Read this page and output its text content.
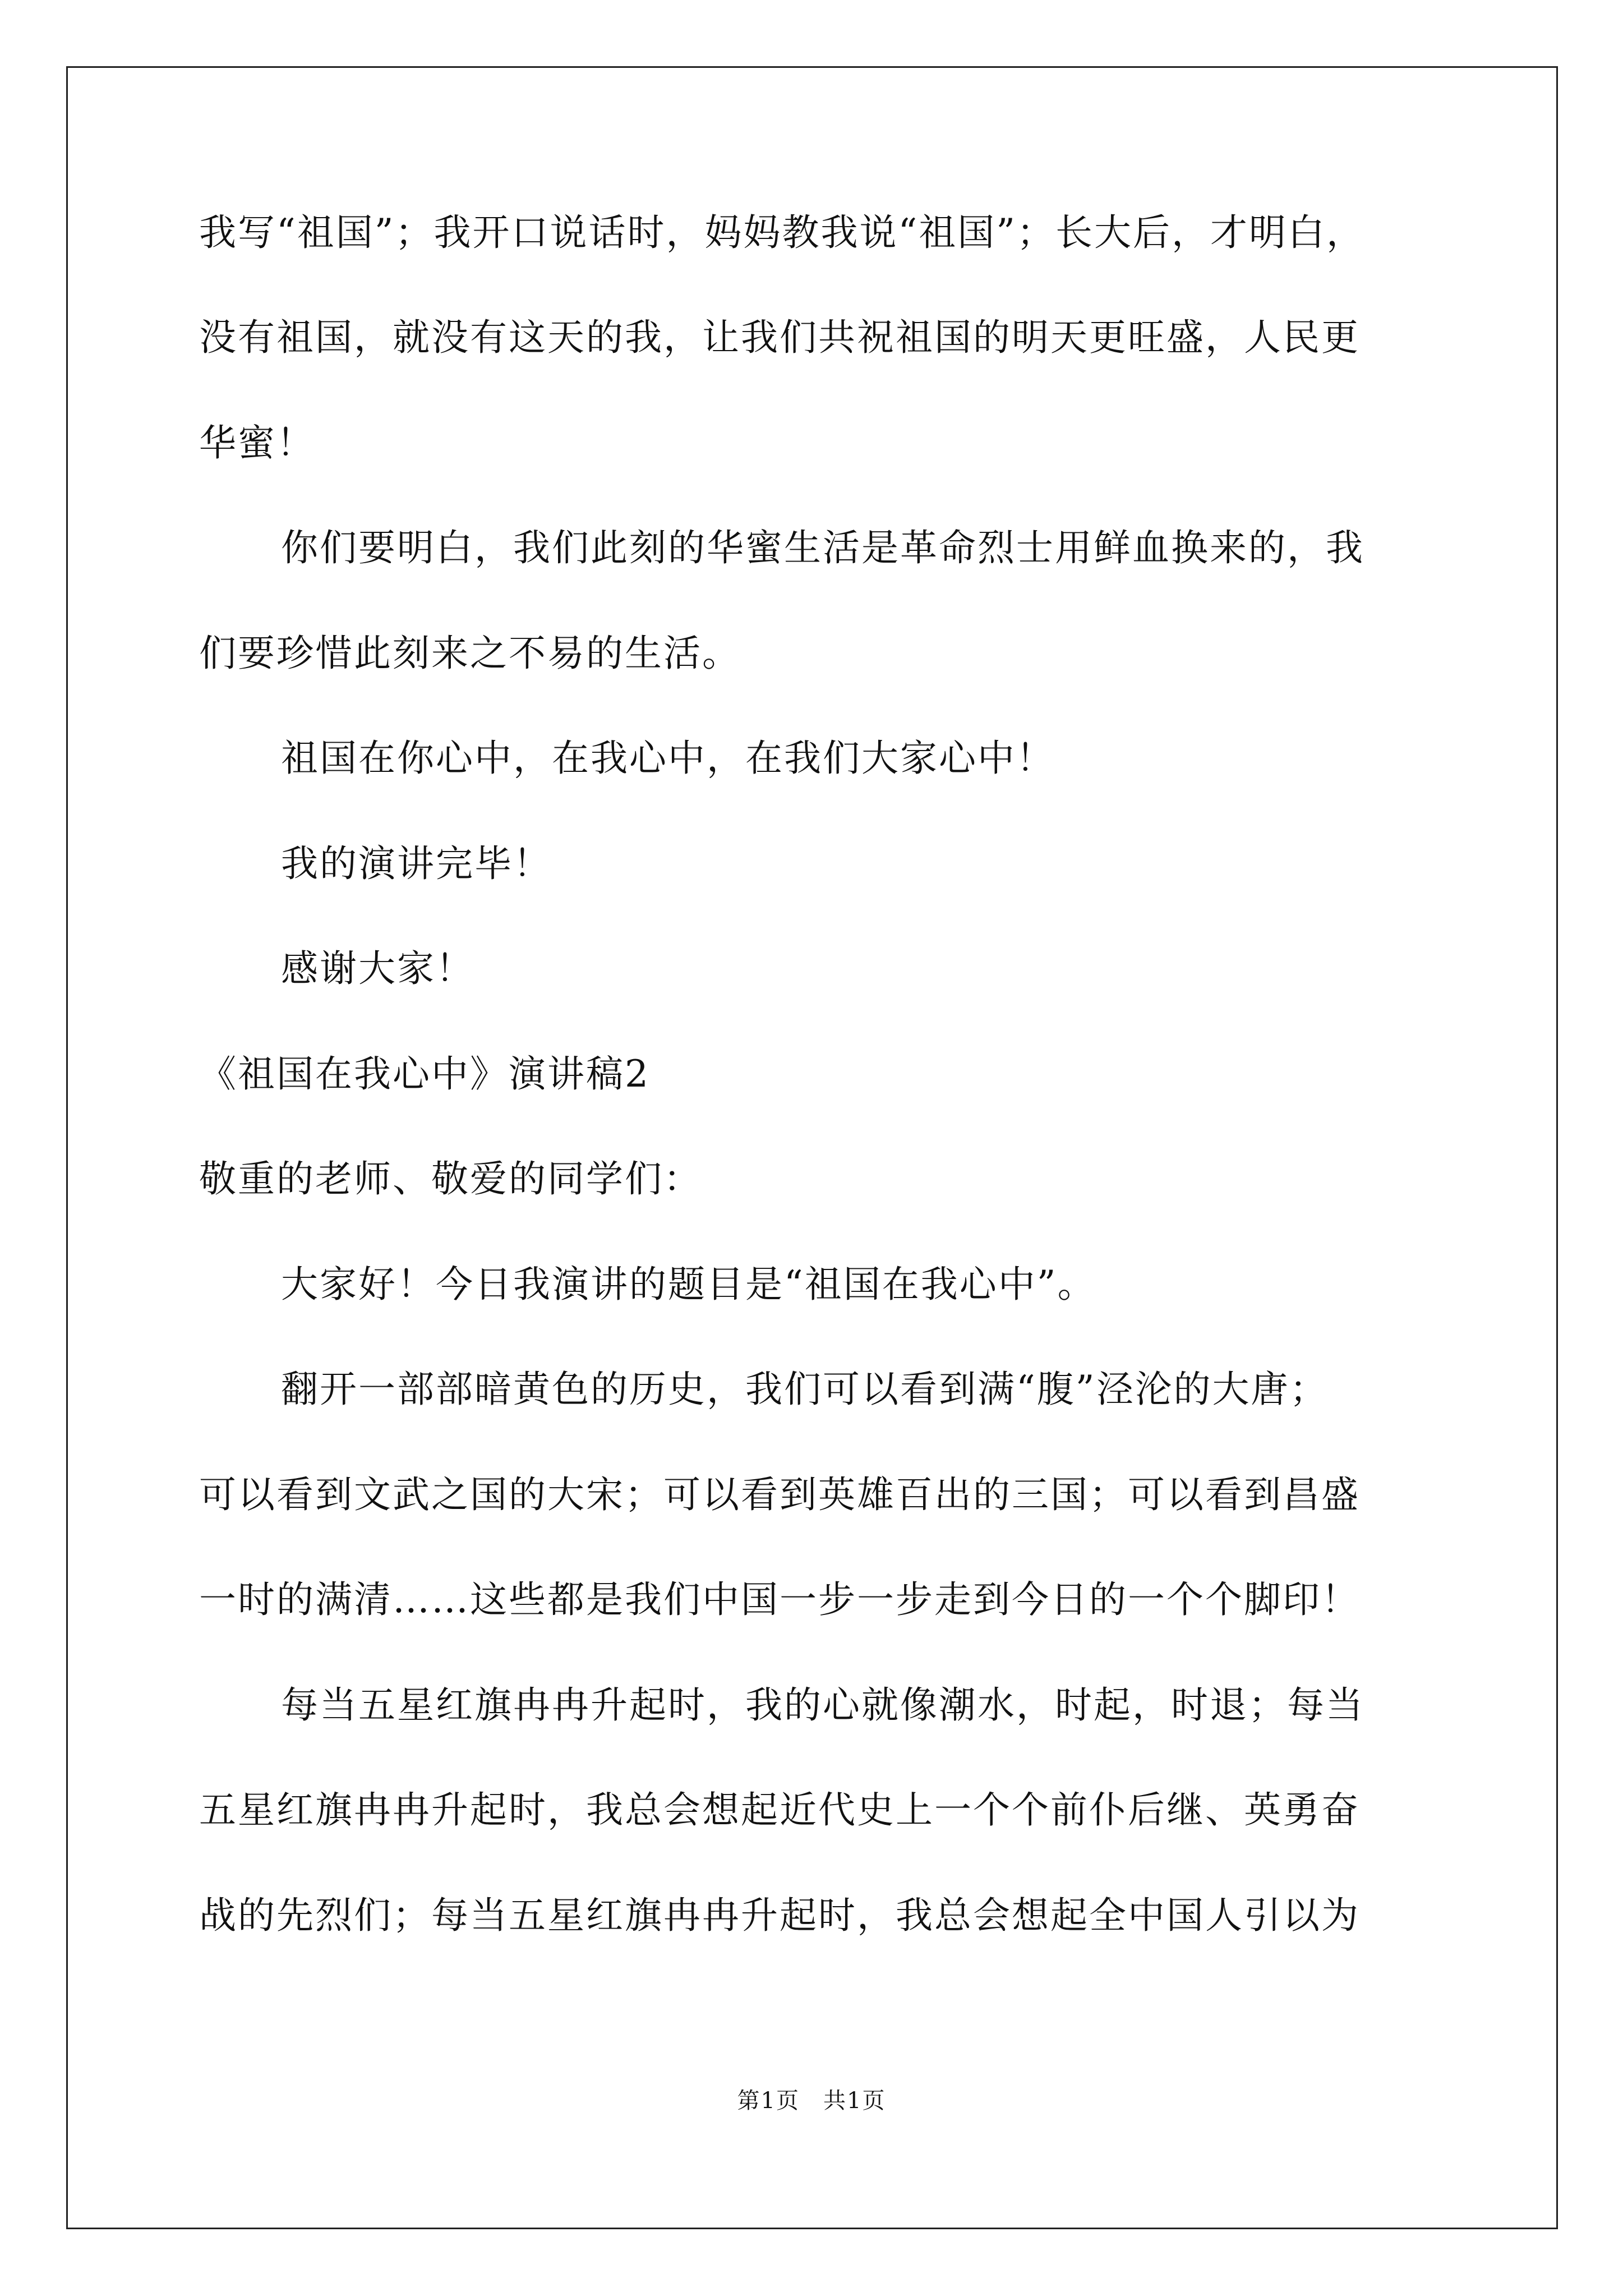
我写“祖国”；我开口说话时，妈妈教我说“祖国”；长大后，才明白，
没有祖国，就没有这天的我，让我们共祝祖国的明天更旺盛，人民更
华蜜！
你们要明白，我们此刻的华蜜生活是革命烈士用鲜血换来的，我
们要珍惜此刻来之不易的生活。
祖国在你心中，在我心中，在我们大家心中！
我的演讲完毕！
感谢大家！
《祖国在我心中》演讲稿2
敬重的老师、敬爱的同学们：
大家好！今日我演讲的题目是“祖国在我心中”。
翻开一部部暗黄色的历史，我们可以看到满“腹”泾沦的大唐；
可以看到文武之国的大宋；可以看到英雄百出的三国；可以看到昌盛
一时的满清……这些都是我们中国一步一步走到今日的一个个脚印！
每当五星红旗冉冉升起时，我的心就像潮水，时起，时退；每当
五星红旗冉冉升起时，我总会想起近代史上一个个前仆后继、英勇奋
战的先烈们；每当五星红旗冉冉升起时，我总会想起全中国人引以为
第1页　共1页
